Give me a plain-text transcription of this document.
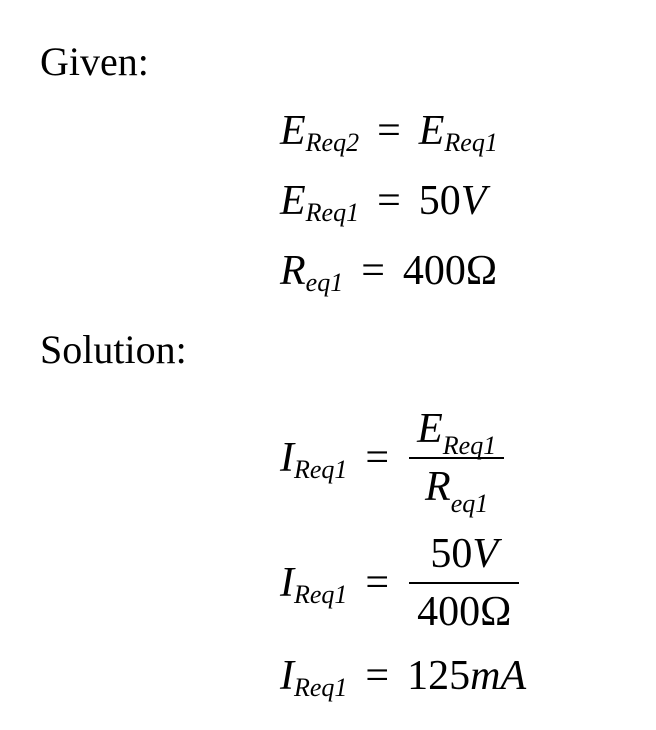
Given:
E Req2 = E Req1
E Req1 = 50 V
R eq1 = 400 Ω
Solution:
I $Req1 = \frac{E_{Req1}}{R_{eq1}}$
I $Req1 = \frac{50V}{400\Omega}$
I Req1 = 125 mA
